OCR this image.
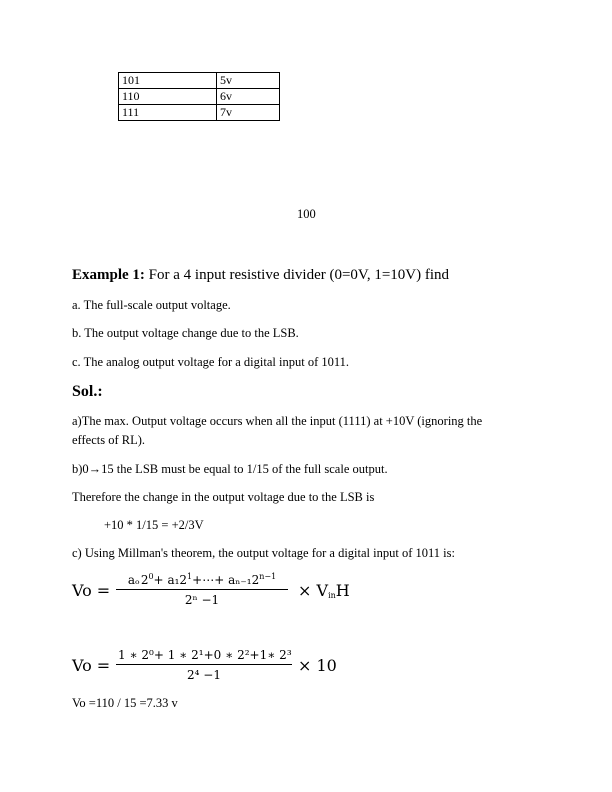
101	5v
110	6v
111	7v
100
Example 1: For a 4 input resistive divider (0=0V, 1=10V) find
a. The full-scale output voltage.
b. The output voltage change due to the LSB.
c. The analog output voltage for a digital input of 1011.
Sol.:
a)The max. Output voltage occurs when all the input (1111) at +10V (ignoring the
effects of RL).
b)0→15 the LSB must be equal to 1/15 of the full scale output.
Therefore the change in the output voltage due to the LSB is
+10 * 1/15 = +2/3V
c) Using Millman's theorem, the output voltage for a digital input of 1011 is:
Vo =
aₒ $2^0+$ $a_12^1+\cdots+ a_{n-1}2^{n-1}$
2ⁿ −1	× $V_{in}H$
Vo =
1 ∗ 2⁰+ 1 ∗ 2¹+0 ∗ 2²+1∗ 2³
2⁴ −1	× 10
Vo =110 / 15 =7.33 v
